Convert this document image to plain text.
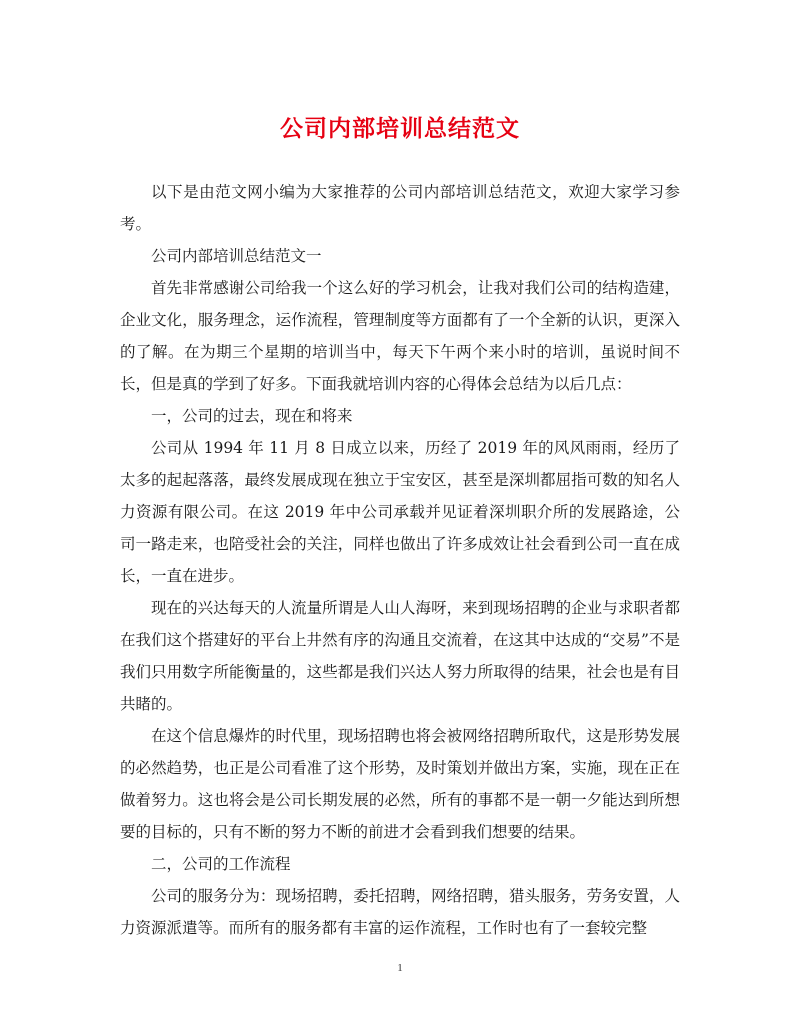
公司内部培训总结范文

以下是由范文网小编为大家推荐的公司内部培训总结范文，欢迎大家学习参考。

公司内部培训总结范文一

首先非常感谢公司给我一个这么好的学习机会，让我对我们公司的结构造建，企业文化，服务理念，运作流程，管理制度等方面都有了一个全新的认识，更深入的了解。在为期三个星期的培训当中，每天下午两个来小时的培训，虽说时间不长，但是真的学到了好多。下面我就培训内容的心得体会总结为以后几点：

一，公司的过去，现在和将来

公司从 1994 年 11 月 8 日成立以来，历经了 2019 年的风风雨雨，经历了太多的起起落落，最终发展成现在独立于宝安区，甚至是深圳都屈指可数的知名人力资源有限公司。在这 2019 年中公司承载并见证着深圳职介所的发展路途，公司一路走来，也陪受社会的关注，同样也做出了许多成效让社会看到公司一直在成长，一直在进步。

现在的兴达每天的人流量所谓是人山人海呀，来到现场招聘的企业与求职者都在我们这个搭建好的平台上井然有序的沟通且交流着，在这其中达成的“交易”不是我们只用数字所能衡量的，这些都是我们兴达人努力所取得的结果，社会也是有目共睹的。

在这个信息爆炸的时代里，现场招聘也将会被网络招聘所取代，这是形势发展的必然趋势，也正是公司看准了这个形势，及时策划并做出方案，实施，现在正在做着努力。这也将会是公司长期发展的必然，所有的事都不是一朝一夕能达到所想要的目标的，只有不断的努力不断的前进才会看到我们想要的结果。

二，公司的工作流程

公司的服务分为：现场招聘，委托招聘，网络招聘，猎头服务，劳务安置，人力资源派遣等。而所有的服务都有丰富的运作流程，工作时也有了一套较完整

1
